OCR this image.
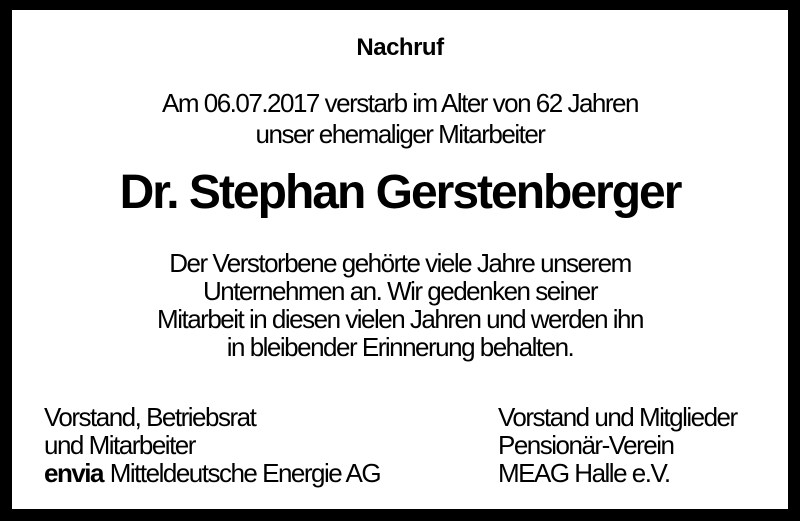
Nachruf
Am 06.07.2017 verstarb im Alter von 62 Jahren
unser ehemaliger Mitarbeiter
Dr. Stephan Gerstenberger
Der Verstorbene gehörte viele Jahre unserem
Unternehmen an. Wir gedenken seiner
Mitarbeit in diesen vielen Jahren und werden ihn
in bleibender Erinnerung behalten.
Vorstand, Betriebsrat
und Mitarbeiter
envia Mitteldeutsche Energie AG
Vorstand und Mitglieder
Pensionär-Verein
MEAG Halle e.V.
